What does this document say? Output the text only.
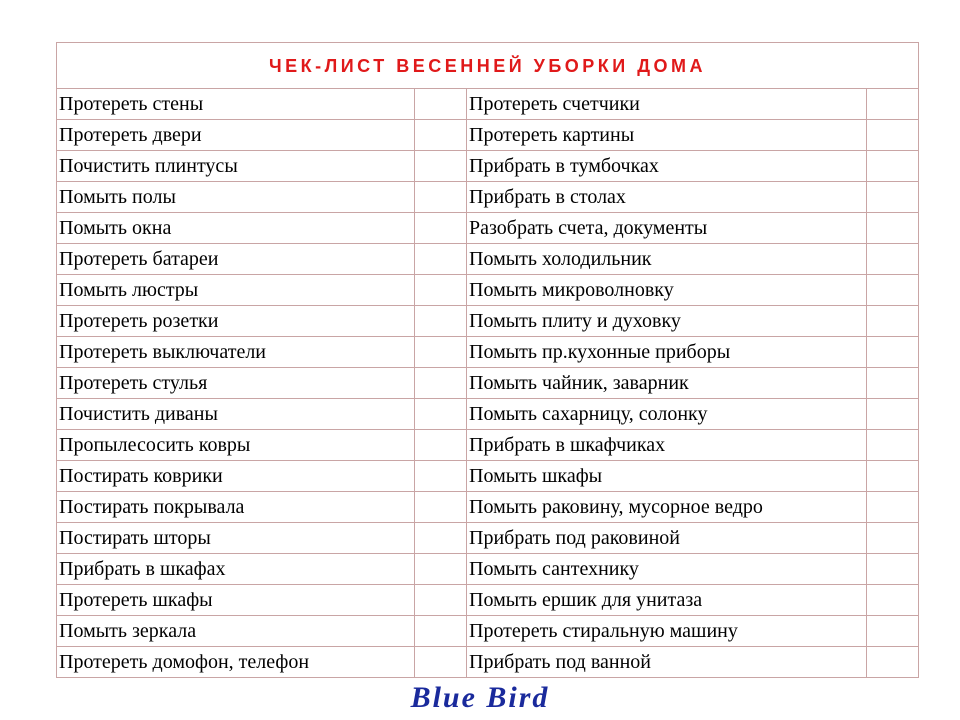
ЧЕК-ЛИСТ ВЕСЕННЕЙ УБОРКИ ДОМА			
Протереть стены		Протереть счетчики	
Протереть двери		Протереть картины	
Почистить плинтусы		Прибрать в тумбочках	
Помыть полы		Прибрать в столах	
Помыть окна		Разобрать счета, документы	
Протереть батареи		Помыть холодильник	
Помыть люстры		Помыть микроволновку	
Протереть розетки		Помыть плиту и духовку	
Протереть выключатели		Помыть пр.кухонные приборы	
Протереть стулья		Помыть чайник, заварник	
Почистить диваны		Помыть сахарницу, солонку	
Пропылесосить ковры		Прибрать в шкафчиках	
Постирать коврики		Помыть шкафы	
Постирать покрывала		Помыть раковину, мусорное ведро	
Постирать шторы		Прибрать под раковиной	
Прибрать в шкафах		Помыть сантехнику	
Протереть шкафы		Помыть ершик для унитаза	
Помыть зеркала		Протереть стиральную машину	
Протереть домофон, телефон		Прибрать под ванной	
Blue Bird
